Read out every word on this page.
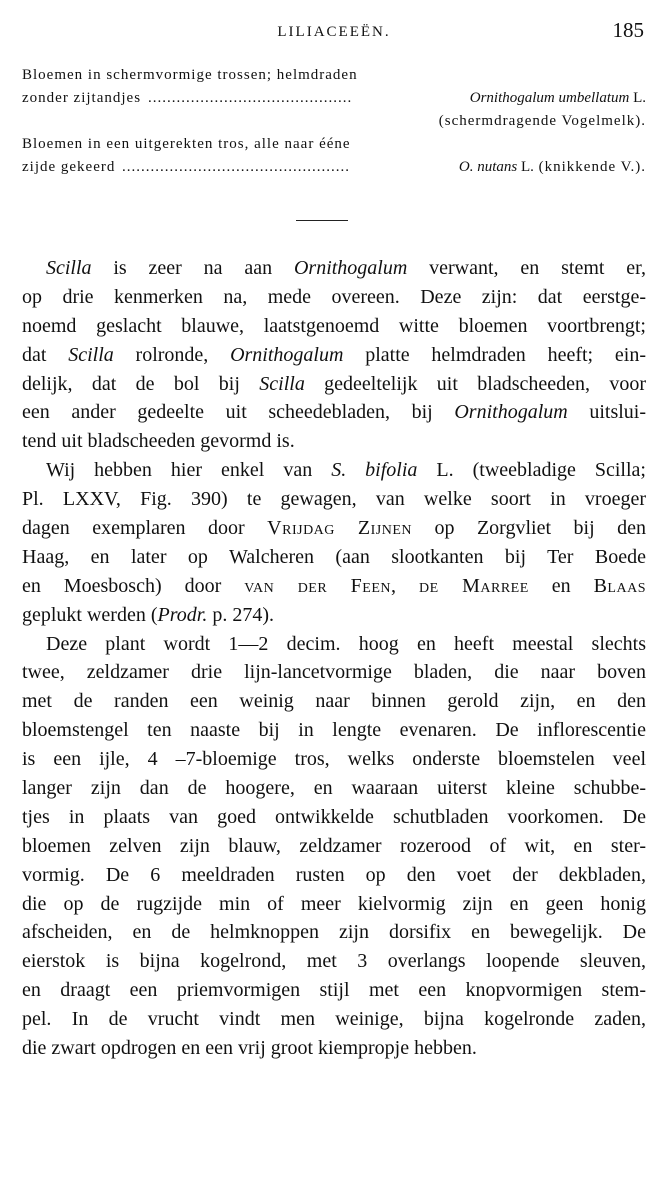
LILIACEEËN.	185
Bloemen in schermvormige trossen; helmdraden
zonder zijtandjes ...........................................	Ornithogalum umbellatum L.
(schermdragende Vogelmelk).
Bloemen in een uitgerekten tros, alle naar ééne
zijde gekeerd ................................................	O. nutans L. (knikkende V.).
Scilla is zeer na aan Ornithogalum verwant, en stemt er,
op drie kenmerken na, mede overeen. Deze zijn: dat eerstge-
noemd geslacht blauwe, laatstgenoemd witte bloemen voortbrengt;
dat Scilla rolronde, Ornithogalum platte helmdraden heeft; ein-
delijk, dat de bol bij Scilla gedeeltelijk uit bladscheeden, voor
een ander gedeelte uit scheedebladen, bij Ornithogalum uitslui-
tend uit bladscheeden gevormd is.
Wij hebben hier enkel van S. bifolia L. (tweebladige Scilla;
Pl. LXXV, Fig. 390) te gewagen, van welke soort in vroeger
dagen exemplaren door Vrijdag Zijnen op Zorgvliet bij den
Haag, en later op Walcheren (aan slootkanten bij Ter Boede
en Moesbosch) door van der Feen, de Marree en Blaas
geplukt werden (Prodr. p. 274).
Deze plant wordt 1—2 decim. hoog en heeft meestal slechts
twee, zeldzamer drie lijn-lancetvormige bladen, die naar boven
met de randen een weinig naar binnen gerold zijn, en den
bloemstengel ten naaste bij in lengte evenaren. De inflorescentie
is een ijle, 4 –7-bloemige tros, welks onderste bloemstelen veel
langer zijn dan de hoogere, en waaraan uiterst kleine schubbe-
tjes in plaats van goed ontwikkelde schutbladen voorkomen. De
bloemen zelven zijn blauw, zeldzamer rozerood of wit, en ster-
vormig. De 6 meeldraden rusten op den voet der dekbladen,
die op de rugzijde min of meer kielvormig zijn en geen honig
afscheiden, en de helmknoppen zijn dorsifix en bewegelijk. De
eierstok is bijna kogelrond, met 3 overlangs loopende sleuven,
en draagt een priemvormigen stijl met een knopvormigen stem-
pel. In de vrucht vindt men weinige, bijna kogelronde zaden,
die zwart opdrogen en een vrij groot kiempropje hebben.
